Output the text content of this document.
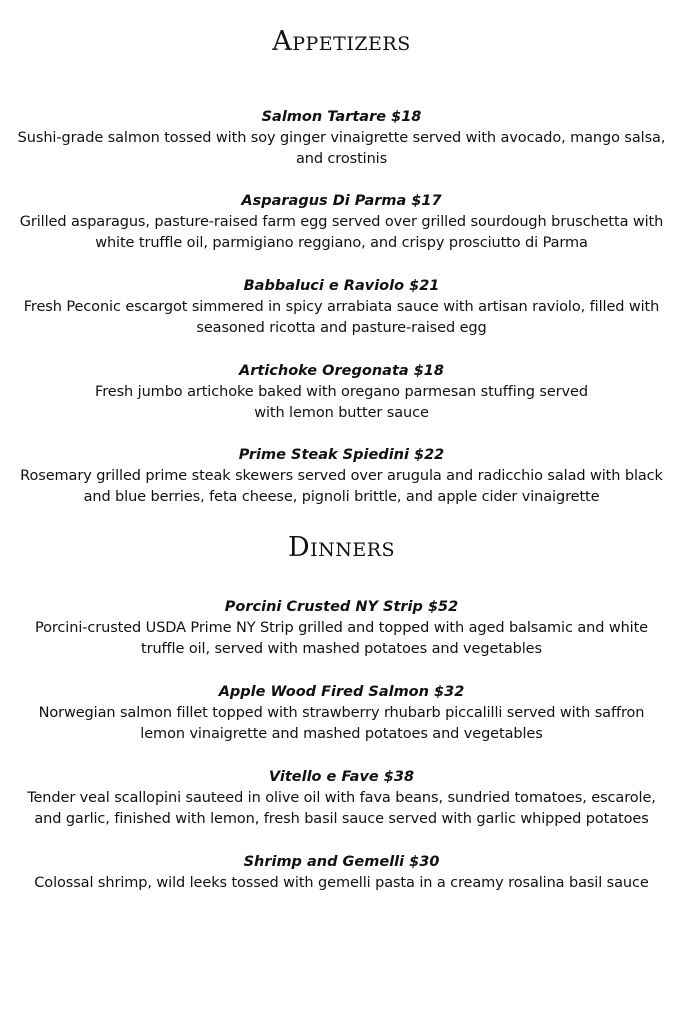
Appetizers
Salmon Tartare $18
Sushi-grade salmon tossed with soy ginger vinaigrette served with avocado, mango salsa,
and crostinis
Asparagus Di Parma $17
Grilled asparagus, pasture-raised farm egg served over grilled sourdough bruschetta with
white truffle oil, parmigiano reggiano, and crispy prosciutto di Parma
Babbaluci e Raviolo $21
Fresh Peconic escargot simmered in spicy arrabiata sauce with artisan raviolo, filled with
seasoned ricotta and pasture-raised egg
Artichoke Oregonata $18
Fresh jumbo artichoke baked with oregano parmesan stuffing served
with lemon butter sauce
Prime Steak Spiedini $22
Rosemary grilled prime steak skewers served over arugula and radicchio salad with black
and blue berries, feta cheese, pignoli brittle, and apple cider vinaigrette
Dinners
Porcini Crusted NY Strip $52
Porcini-crusted USDA Prime NY Strip grilled and topped with aged balsamic and white
truffle oil, served with mashed potatoes and vegetables
Apple Wood Fired Salmon $32
Norwegian salmon fillet topped with strawberry rhubarb piccalilli served with saffron
lemon vinaigrette and mashed potatoes and vegetables
Vitello e Fave $38
Tender veal scallopini sauteed in olive oil with fava beans, sundried tomatoes, escarole,
and garlic, finished with lemon, fresh basil sauce served with garlic whipped potatoes
Shrimp and Gemelli $30
Colossal shrimp, wild leeks tossed with gemelli pasta in a creamy rosalina basil sauce
